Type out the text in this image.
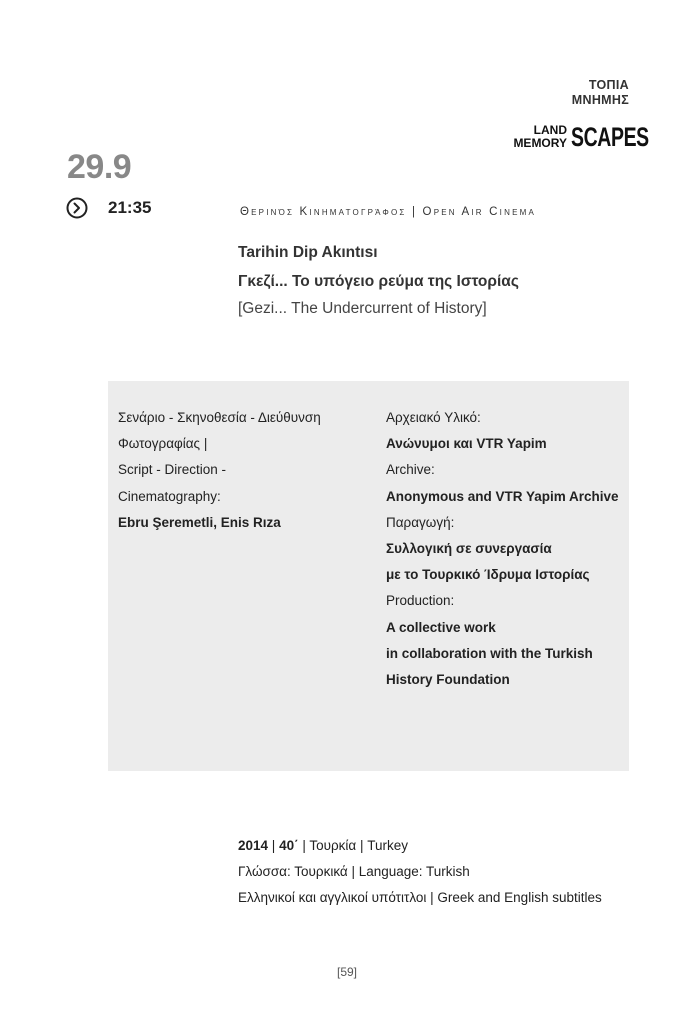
ΤΟΠΙΑ
ΜΝΗΜΗΣ
LAND
MEMORY SCAPES
29.9
21:35	Θερινός Κινηματογράφος | Open Air Cinema
Tarihin Dip Akıntısı
Γκεζί... Το υπόγειο ρεύμα της Ιστορίας
[Gezi... The Undercurrent of History]
Σενάριο - Σκηνοθεσία - Διεύθυνση
Φωτογραφίας |
Script - Direction -
Cinematography:
Ebru Şeremetli, Enis Rıza
Αρχειακό Υλικό:
Ανώνυμοι και VTR Yapim
Archive:
Anonymous and VTR Yapim Archive
Παραγωγή:
Συλλογική σε συνεργασία
με το Τουρκικό Ίδρυμα Ιστορίας
Production:
A collective work
in collaboration with the Turkish
History Foundation
2014 | 40΄ | Τουρκία | Turkey
Γλώσσα: Τουρκικά | Language: Turkish
Ελληνικοί και αγγλικοί υπότιτλοι | Greek and English subtitles
[59]
